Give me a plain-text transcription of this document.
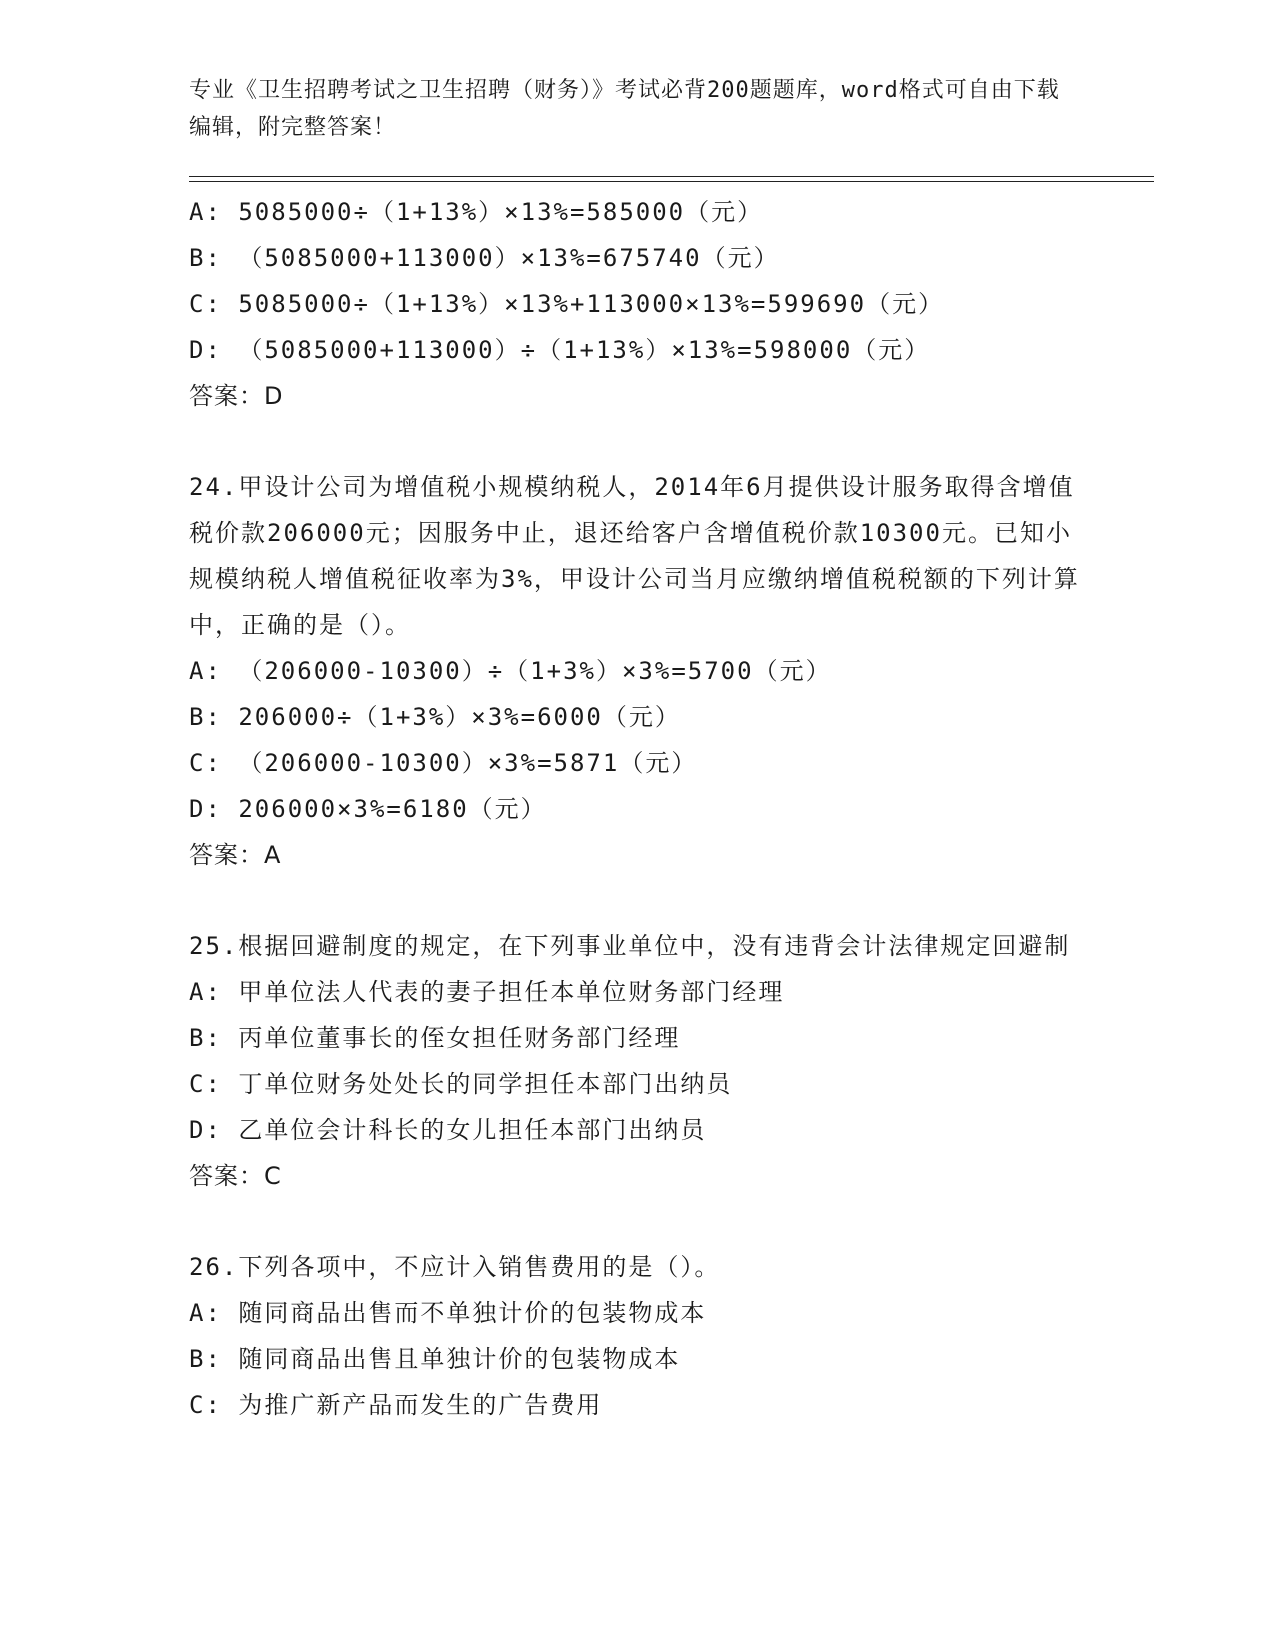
专业《卫生招聘考试之卫生招聘（财务）》考试必背200题题库，word格式可自由下载编辑，附完整答案！
A: 5085000÷（1+13%）×13%=585000（元）
B: （5085000+113000）×13%=675740（元）
C: 5085000÷（1+13%）×13%+113000×13%=599690（元）
D: （5085000+113000）÷（1+13%）×13%=598000（元）
答案：D
24.甲设计公司为增值税小规模纳税人，2014年6月提供设计服务取得含增值税价款206000元；因服务中止，退还给客户含增值税价款10300元。已知小规模纳税人增值税征收率为3%，甲设计公司当月应缴纳增值税税额的下列计算中，正确的是（）。
A: （206000-10300）÷（1+3%）×3%=5700（元）
B: 206000÷（1+3%）×3%=6000（元）
C: （206000-10300）×3%=5871（元）
D: 206000×3%=6180（元）
答案：A
25.根据回避制度的规定，在下列事业单位中，没有违背会计法律规定回避制
A: 甲单位法人代表的妻子担任本单位财务部门经理
B: 丙单位董事长的侄女担任财务部门经理
C: 丁单位财务处处长的同学担任本部门出纳员
D: 乙单位会计科长的女儿担任本部门出纳员
答案：C
26.下列各项中，不应计入销售费用的是（）。
A: 随同商品出售而不单独计价的包装物成本
B: 随同商品出售且单独计价的包装物成本
C: 为推广新产品而发生的广告费用
